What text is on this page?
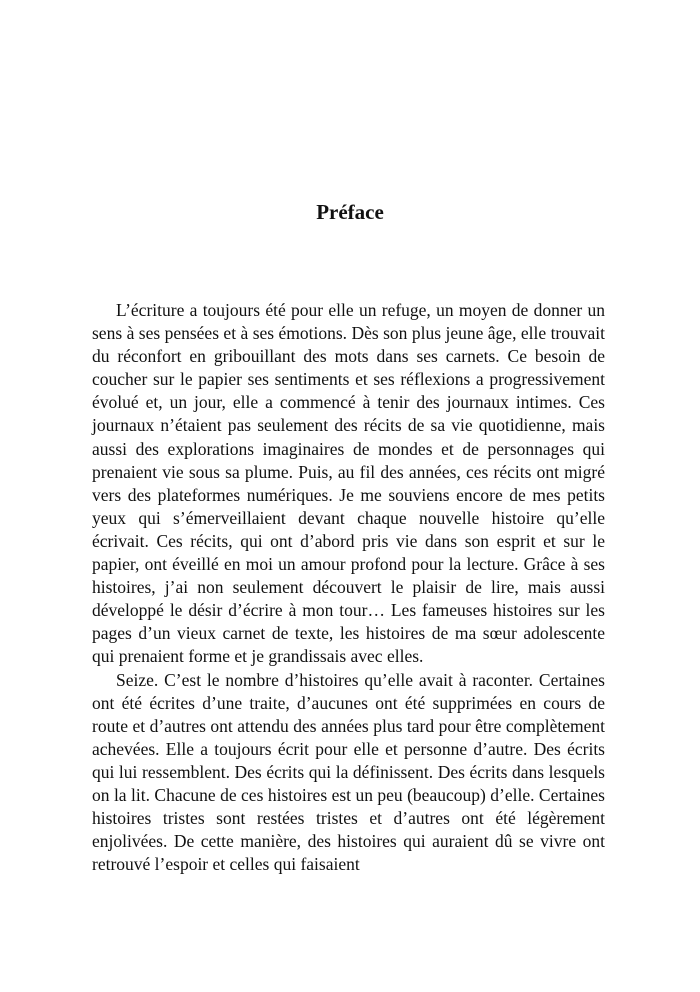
Préface

L’écriture a toujours été pour elle un refuge, un moyen de donner un sens à ses pensées et à ses émotions. Dès son plus jeune âge, elle trouvait du réconfort en gribouillant des mots dans ses carnets. Ce besoin de coucher sur le papier ses sentiments et ses réflexions a progressivement évolué et, un jour, elle a commencé à tenir des journaux intimes. Ces journaux n’étaient pas seulement des récits de sa vie quotidienne, mais aussi des explorations imaginaires de mondes et de personnages qui prenaient vie sous sa plume. Puis, au fil des années, ces récits ont migré vers des plateformes numériques. Je me souviens encore de mes petits yeux qui s’émerveillaient devant chaque nouvelle histoire qu’elle écrivait. Ces récits, qui ont d’abord pris vie dans son esprit et sur le papier, ont éveillé en moi un amour profond pour la lecture. Grâce à ses histoires, j’ai non seulement découvert le plaisir de lire, mais aussi développé le désir d’écrire à mon tour… Les fameuses histoires sur les pages d’un vieux carnet de texte, les histoires de ma sœur adolescente qui prenaient forme et je grandissais avec elles.

Seize. C’est le nombre d’histoires qu’elle avait à raconter. Certaines ont été écrites d’une traite, d’aucunes ont été supprimées en cours de route et d’autres ont attendu des années plus tard pour être complètement achevées. Elle a toujours écrit pour elle et personne d’autre. Des écrits qui lui ressemblent. Des écrits qui la définissent. Des écrits dans lesquels on la lit. Chacune de ces histoires est un peu (beaucoup) d’elle. Certaines histoires tristes sont restées tristes et d’autres ont été légèrement enjolivées. De cette manière, des histoires qui auraient dû se vivre ont retrouvé l’espoir et celles qui faisaient
